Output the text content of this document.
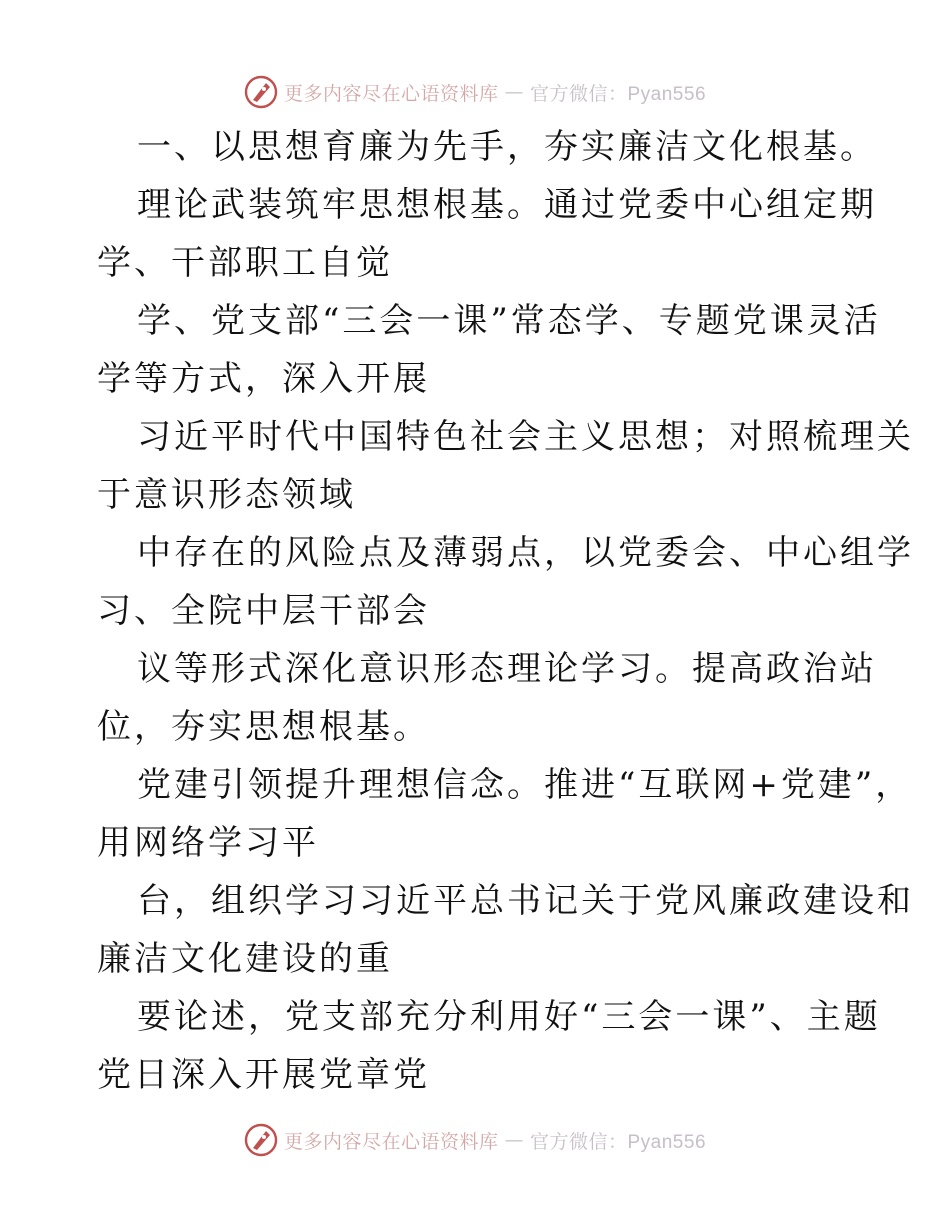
更多内容尽在心语资料库 — 官方微信：Pyan556
一、以思想育廉为先手，夯实廉洁文化根基。
理论武装筑牢思想根基。通过党委中心组定期
学、干部职工自觉
学、党支部“三会一课”常态学、专题党课灵活
学等方式，深入开展
习近平时代中国特色社会主义思想；对照梳理关
于意识形态领域
中存在的风险点及薄弱点，以党委会、中心组学
习、全院中层干部会
议等形式深化意识形态理论学习。提高政治站
位，夯实思想根基。
党建引领提升理想信念。推进“互联网+党建”，
用网络学习平
台，组织学习习近平总书记关于党风廉政建设和
廉洁文化建设的重
要论述，党支部充分利用好“三会一课”、主题
党日深入开展党章党
更多内容尽在心语资料库 — 官方微信：Pyan556
